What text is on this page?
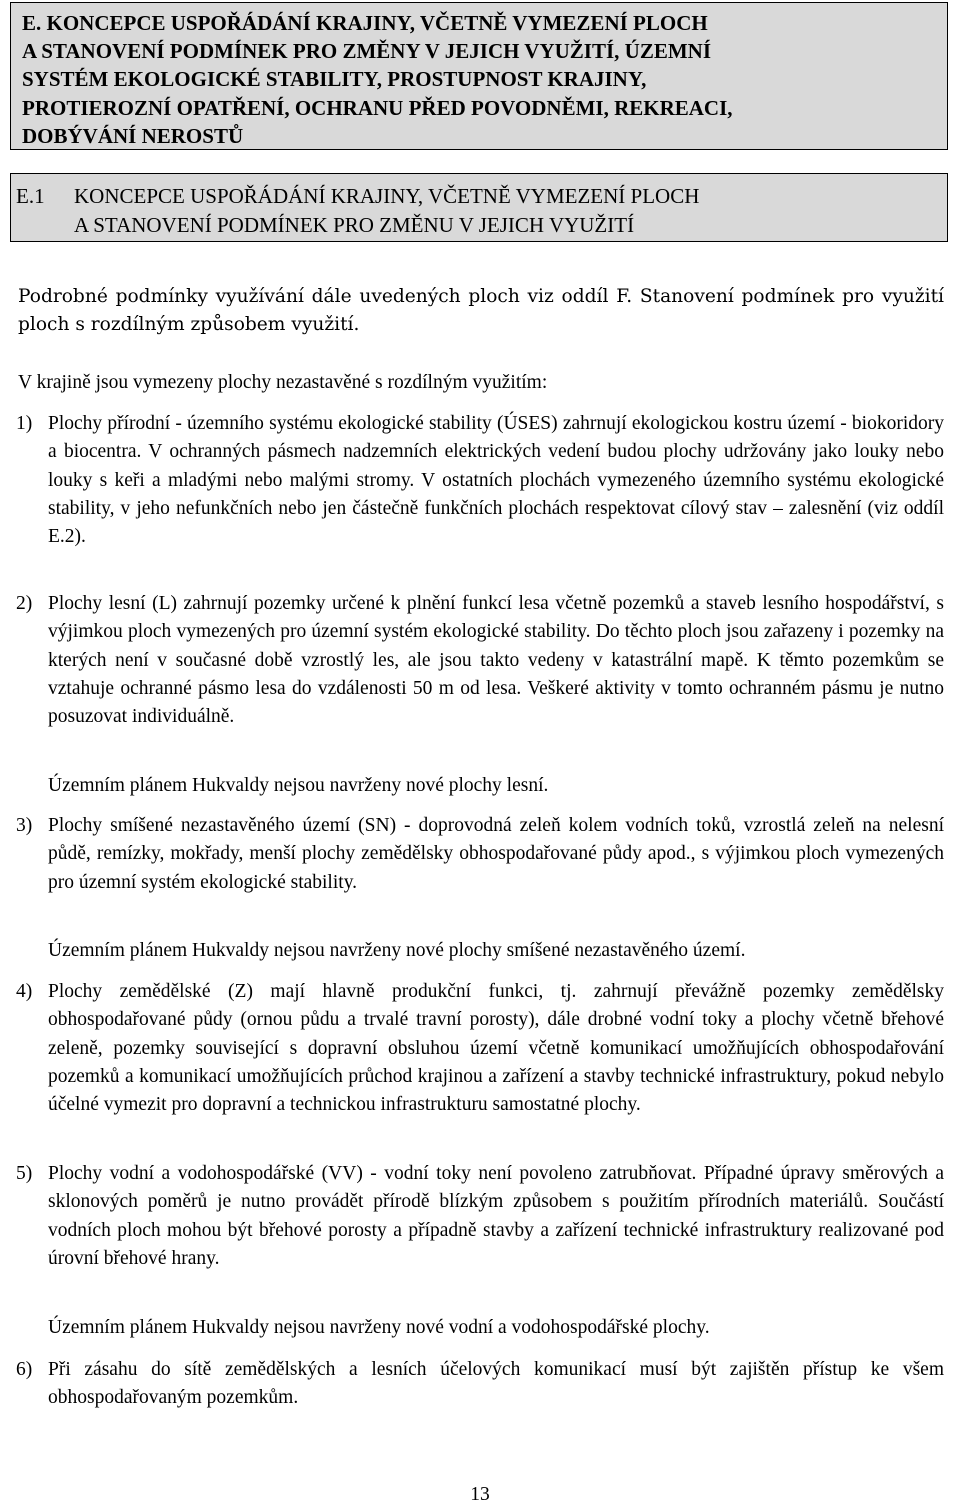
E. KONCEPCE USPOŘÁDÁNÍ KRAJINY, VČETNĚ VYMEZENÍ PLOCH
A STANOVENÍ PODMÍNEK PRO ZMĚNY V JEJICH VYUŽITÍ, ÚZEMNÍ
SYSTÉM EKOLOGICKÉ STABILITY, PROSTUPNOST KRAJINY,
PROTIEROZNÍ OPATŘENÍ, OCHRANU PŘED POVODNĚMI, REKREACI,
DOBÝVÁNÍ NEROSTŮ
E.1 KONCEPCE USPOŘÁDÁNÍ KRAJINY, VČETNĚ VYMEZENÍ PLOCH
A STANOVENÍ PODMÍNEK PRO ZMĚNU V JEJICH VYUŽITÍ
Podrobné podmínky využívání dále uvedených ploch viz oddíl F. Stanovení podmínek pro využití ploch s rozdílným způsobem využití.
V krajině jsou vymezeny plochy nezastavěné s rozdílným využitím:
1) Plochy přírodní - územního systému ekologické stability (ÚSES) zahrnují ekologickou kostru území - biokoridory a biocentra. V ochranných pásmech nadzemních elektrických vedení budou plochy udržovány jako louky nebo louky s keři a mladými nebo malými stromy. V ostatních plochách vymezeného územního systému ekologické stability, v jeho nefunkčních nebo jen částečně funkčních plochách respektovat cílový stav – zalesnění (viz oddíl E.2).
2) Plochy lesní (L) zahrnují pozemky určené k plnění funkcí lesa včetně pozemků a staveb lesního hospodářství, s výjimkou ploch vymezených pro územní systém ekologické stability. Do těchto ploch jsou zařazeny i pozemky na kterých není v současné době vzrostlý les, ale jsou takto vedeny v katastrální mapě. K těmto pozemkům se vztahuje ochranné pásmo lesa do vzdálenosti 50 m od lesa. Veškeré aktivity v tomto ochranném pásmu je nutno posuzovat individuálně.
Územním plánem Hukvaldy nejsou navrženy nové plochy lesní.
3) Plochy smíšené nezastavěného území (SN) - doprovodná zeleň kolem vodních toků, vzrostlá zeleň na nelesní půdě, remízky, mokřady, menší plochy zemědělsky obhospodařované půdy apod., s výjimkou ploch vymezených pro územní systém ekologické stability.
Územním plánem Hukvaldy nejsou navrženy nové plochy smíšené nezastavěného území.
4) Plochy zemědělské (Z) mají hlavně produkční funkci, tj. zahrnují převážně pozemky zemědělsky obhospodařované půdy (ornou půdu a trvalé travní porosty), dále drobné vodní toky a plochy včetně břehové zeleně, pozemky související s dopravní obsluhou území včetně komunikací umožňujících obhospodařování pozemků a komunikací umožňujících průchod krajinou a zařízení a stavby technické infrastruktury, pokud nebylo účelné vymezit pro dopravní a technickou infrastrukturu samostatné plochy.
5) Plochy vodní a vodohospodářské (VV) - vodní toky není povoleno zatrubňovat. Případné úpravy směrových a sklonových poměrů je nutno provádět přírodě blízkým způsobem s použitím přírodních materiálů. Součástí vodních ploch mohou být břehové porosty a případně stavby a zařízení technické infrastruktury realizované pod úrovní břehové hrany.
Územním plánem Hukvaldy nejsou navrženy nové vodní a vodohospodářské plochy.
6) Při zásahu do sítě zemědělských a lesních účelových komunikací musí být zajištěn přístup ke všem obhospodařovaným pozemkům.
13
